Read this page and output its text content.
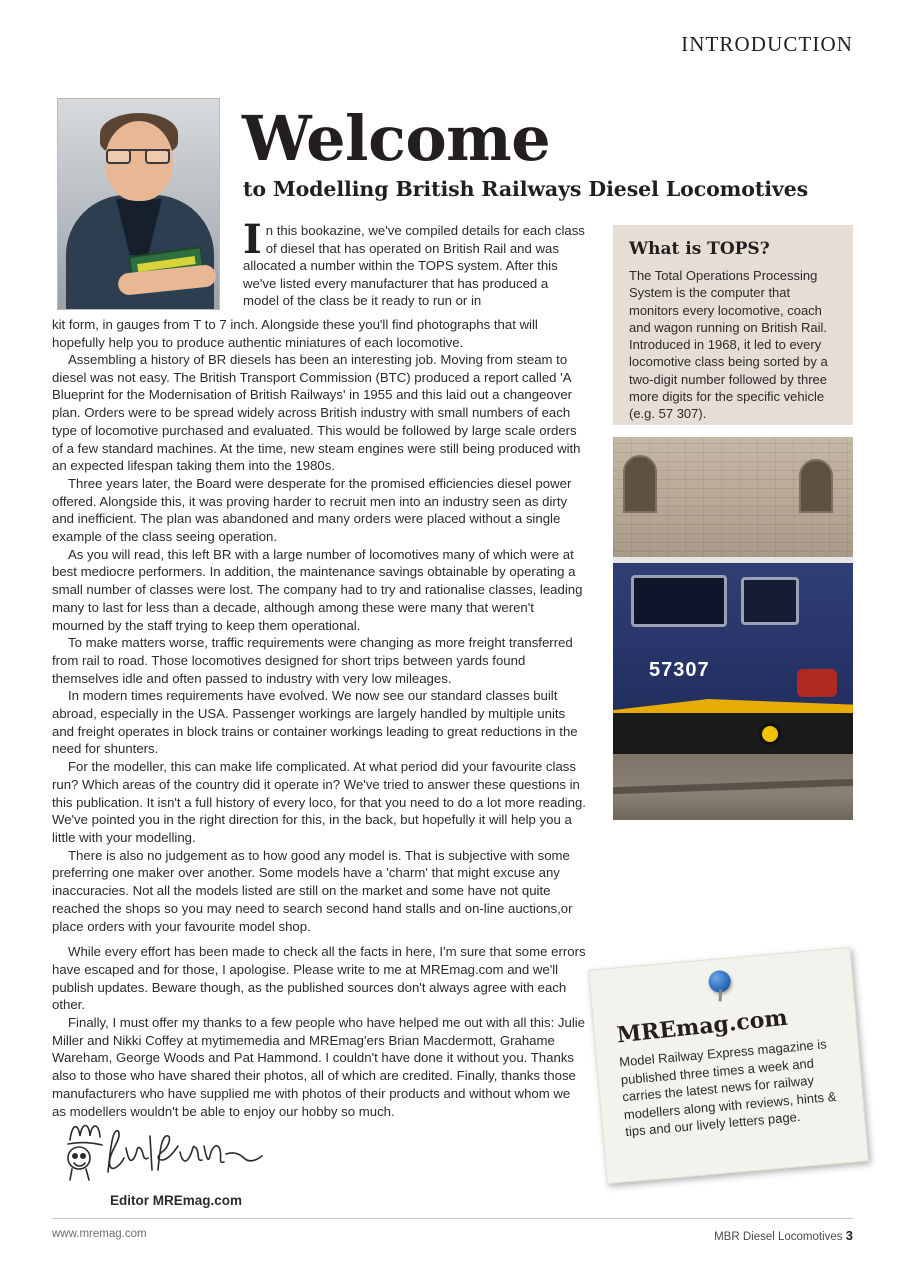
INTRODUCTION
Welcome
to Modelling British Railways Diesel Locomotives
In this bookazine, we've compiled details for each class of diesel that has operated on British Rail and was allocated a number within the TOPS system. After this we've listed every manufacturer that has produced a model of the class be it ready to run or in

kit form, in gauges from T to 7 inch. Alongside these you'll find photographs that will hopefully help you to produce authentic miniatures of each locomotive.

Assembling a history of BR diesels has been an interesting job. Moving from steam to diesel was not easy. The British Transport Commission (BTC) produced a report called 'A Blueprint for the Modernisation of British Railways' in 1955 and this laid out a changeover plan. Orders were to be spread widely across British industry with small numbers of each type of locomotive purchased and evaluated. This would be followed by large scale orders of a few standard machines. At the time, new steam engines were still being produced with an expected lifespan taking them into the 1980s.

Three years later, the Board were desperate for the promised efficiencies diesel power offered. Alongside this, it was proving harder to recruit men into an industry seen as dirty and inefficient. The plan was abandoned and many orders were placed without a single example of the class seeing operation.

As you will read, this left BR with a large number of locomotives many of which were at best mediocre performers. In addition, the maintenance savings obtainable by operating a small number of classes were lost. The company had to try and rationalise classes, leading many to last for less than a decade, although among these were many that weren't mourned by the staff trying to keep them operational.

To make matters worse, traffic requirements were changing as more freight transferred from rail to road. Those locomotives designed for short trips between yards found themselves idle and often passed to industry with very low mileages.

In modern times requirements have evolved. We now see our standard classes built abroad, especially in the USA. Passenger workings are largely handled by multiple units and freight operates in block trains or container workings leading to great reductions in the need for shunters.

For the modeller, this can make life complicated. At what period did your favourite class run? Which areas of the country did it operate in? We've tried to answer these questions in this publication. It isn't a full history of every loco, for that you need to do a lot more reading. We've pointed you in the right direction for this, in the back, but hopefully it will help you a little with your modelling.

There is also no judgement as to how good any model is. That is subjective with some preferring one maker over another. Some models have a 'charm' that might excuse any inaccuracies. Not all the models listed are still on the market and some have not quite reached the shops so you may need to search second hand stalls and on-line auctions,or place orders with your favourite model shop.

While every effort has been made to check all the facts in here, I'm sure that some errors have escaped and for those, I apologise. Please write to me at MREmag.com and we'll publish updates. Beware though, as the published sources don't always agree with each other.

Finally, I must offer my thanks to a few people who have helped me out with all this: Julie Miller and Nikki Coffey at mytimemedia and MREmag'ers Brian Macdermott, Grahame Wareham, George Woods and Pat Hammond. I couldn't have done it without you. Thanks also to those who have shared their photos, all of which are credited. Finally, thanks those manufacturers who have supplied me with photos of their products and without whom we as modellers wouldn't be able to enjoy our hobby so much.

What is TOPS?
The Total Operations Processing System is the computer that monitors every locomotive, coach and wagon running on British Rail. Introduced in 1968, it led to every locomotive class being sorted by a two-digit number followed by three more digits for the specific vehicle (e.g. 57 307).
57307
Editor MREmag.com
MREmag.com
Model Railway Express magazine is published three times a week and carries the latest news for railway modellers along with reviews, hints & tips and our lively letters page.
www.mremag.com	MBR Diesel Locomotives 3
